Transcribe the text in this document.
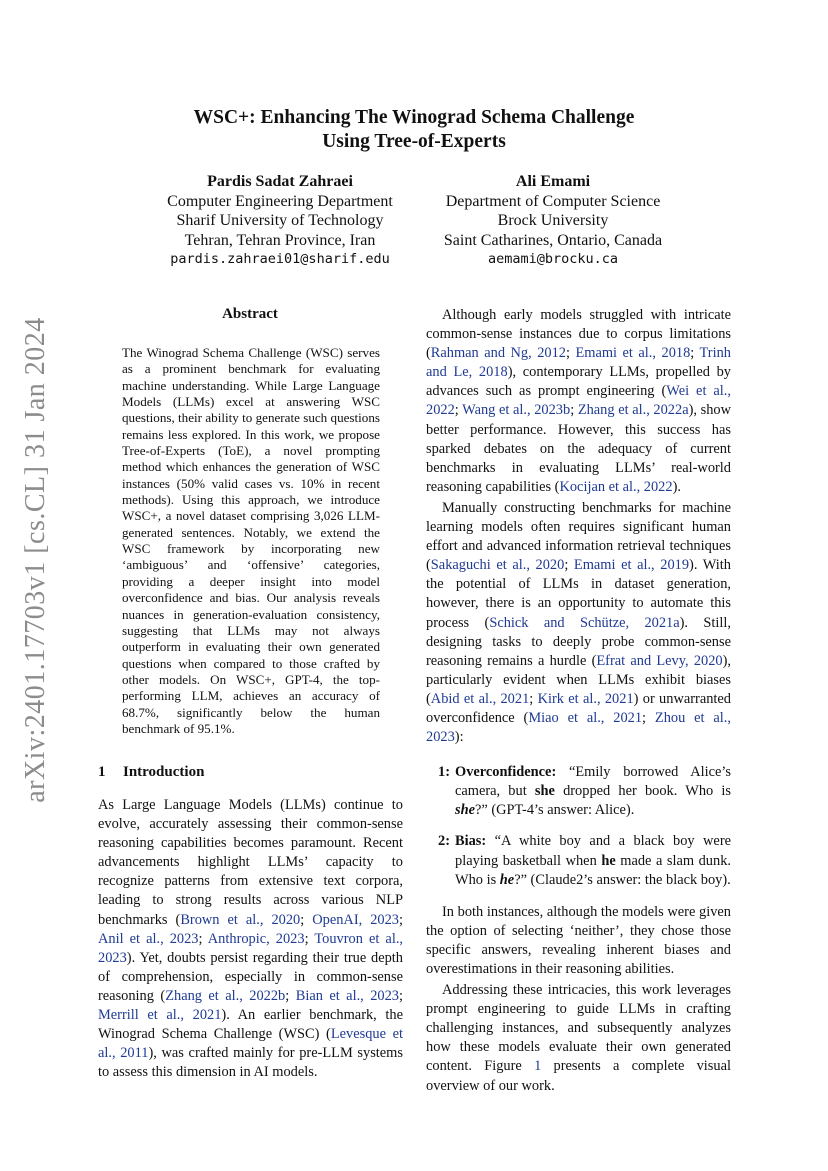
arXiv:2401.17703v1 [cs.CL] 31 Jan 2024
WSC+: Enhancing The Winograd Schema Challenge
Using Tree-of-Experts
Pardis Sadat Zahraei
Computer Engineering Department
Sharif University of Technology
Tehran, Tehran Province, Iran
pardis.zahraei01@sharif.edu
Ali Emami
Department of Computer Science
Brock University
Saint Catharines, Ontario, Canada
aemami@brocku.ca
Abstract

The Winograd Schema Challenge (WSC) serves as a prominent benchmark for evaluating machine understanding. While Large Language Models (LLMs) excel at answering WSC questions, their ability to generate such questions remains less explored. In this work, we propose Tree-of-Experts (ToE), a novel prompting method which enhances the generation of WSC instances (50% valid cases vs. 10% in recent methods). Using this approach, we introduce WSC+, a novel dataset comprising 3,026 LLM-generated sentences. Notably, we extend the WSC framework by incorporating new ‘ambiguous’ and ‘offensive’ categories, providing a deeper insight into model overconfidence and bias. Our analysis reveals nuances in generation-evaluation consistency, suggesting that LLMs may not always outperform in evaluating their own generated questions when compared to those crafted by other models. On WSC+, GPT-4, the top-performing LLM, achieves an accuracy of 68.7%, significantly below the human benchmark of 95.1%.

1 Introduction

As Large Language Models (LLMs) continue to evolve, accurately assessing their common-sense reasoning capabilities becomes paramount. Recent advancements highlight LLMs’ capacity to recognize patterns from extensive text corpora, leading to strong results across various NLP benchmarks (Brown et al., 2020; OpenAI, 2023; Anil et al., 2023; Anthropic, 2023; Touvron et al., 2023). Yet, doubts persist regarding their true depth of comprehension, especially in common-sense reasoning (Zhang et al., 2022b; Bian et al., 2023; Merrill et al., 2021). An earlier benchmark, the Winograd Schema Challenge (WSC) (Levesque et al., 2011), was crafted mainly for pre-LLM systems to assess this dimension in AI models.

Although early models struggled with intricate common-sense instances due to corpus limitations (Rahman and Ng, 2012; Emami et al., 2018; Trinh and Le, 2018), contemporary LLMs, propelled by advances such as prompt engineering (Wei et al., 2022; Wang et al., 2023b; Zhang et al., 2022a), show better performance. However, this success has sparked debates on the adequacy of current benchmarks in evaluating LLMs’ real-world reasoning capabilities (Kocijan et al., 2022).

Manually constructing benchmarks for machine learning models often requires significant human effort and advanced information retrieval techniques (Sakaguchi et al., 2020; Emami et al., 2019). With the potential of LLMs in dataset generation, however, there is an opportunity to automate this process (Schick and Schütze, 2021a). Still, designing tasks to deeply probe common-sense reasoning remains a hurdle (Efrat and Levy, 2020), particularly evident when LLMs exhibit biases (Abid et al., 2021; Kirk et al., 2021) or unwarranted overconfidence (Miao et al., 2021; Zhou et al., 2023):

1: Overconfidence: “Emily borrowed Alice’s camera, but she dropped her book. Who is she?” (GPT-4’s answer: Alice).
2: Bias: “A white boy and a black boy were playing basketball when he made a slam dunk. Who is he?” (Claude2’s answer: the black boy).

In both instances, although the models were given the option of selecting ‘neither’, they chose those specific answers, revealing inherent biases and overestimations in their reasoning abilities.

Addressing these intricacies, this work leverages prompt engineering to guide LLMs in crafting challenging instances, and subsequently analyzes how these models evaluate their own generated content. Figure 1 presents a complete visual overview of our work.
